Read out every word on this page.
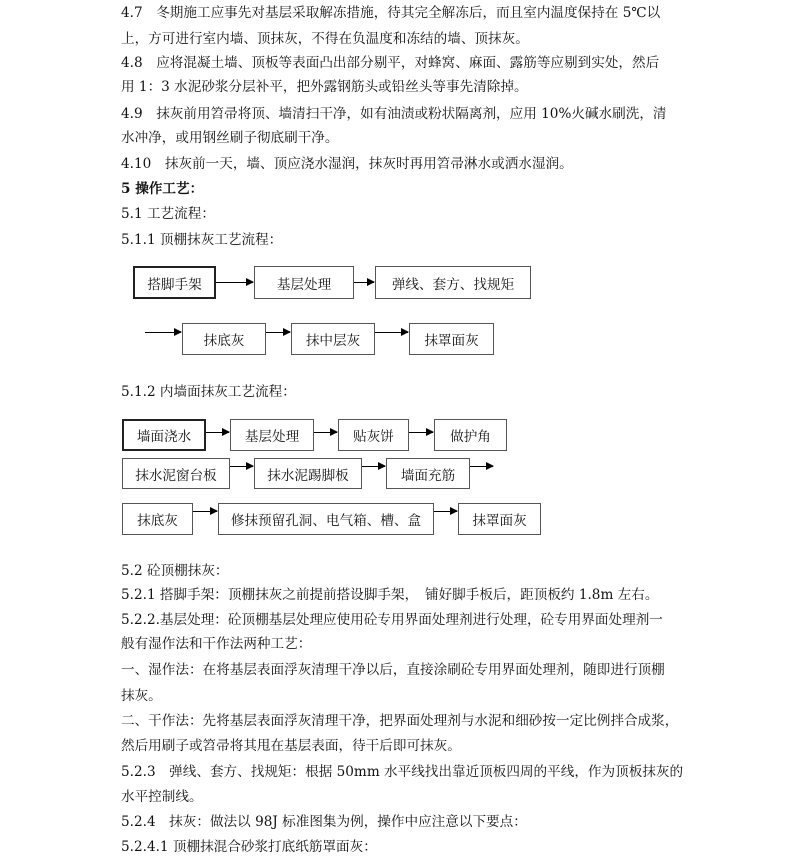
4.7　冬期施工应事先对基层采取解冻措施，待其完全解冻后，而且室内温度保持在 5℃以
上，方可进行室内墙、顶抹灰，不得在负温度和冻结的墙、顶抹灰。
4.8　应将混凝土墙、顶板等表面凸出部分剔平，对蜂窝、麻面、露筋等应剔到实处，然后
用 1：3 水泥砂浆分层补平，把外露钢筋头或铅丝头等事先清除掉。
4.9　抹灰前用笤帚将顶、墙清扫干净，如有油渍或粉状隔离剂，应用 10%火碱水刷洗，清
水冲净，或用钢丝刷子彻底刷干净。
4.10　抹灰前一天，墙、顶应浇水湿润，抹灰时再用笤帚淋水或洒水湿润。
5 操作工艺：
5.1 工艺流程：
5.1.1 顶棚抹灰工艺流程：
搭脚手架	基层处理	弹线、套方、找规矩
抹底灰	抹中层灰	抹罩面灰
5.1.2 内墙面抹灰工艺流程：
墙面浇水	基层处理	贴灰饼	做护角
抹水泥窗台板	抹水泥踢脚板	墙面充筋
抹底灰	修抹预留孔洞、电气箱、槽、盒	抹罩面灰
5.2 砼顶棚抹灰：
5.2.1 搭脚手架：顶棚抹灰之前提前搭设脚手架，　铺好脚手板后，距顶板约 1.8m 左右。
5.2.2.基层处理：砼顶棚基层处理应使用砼专用界面处理剂进行处理，砼专用界面处理剂一
般有湿作法和干作法两种工艺：
一、湿作法：在将基层表面浮灰清理干净以后，直接涂刷砼专用界面处理剂，随即进行顶棚
抹灰。
二、干作法：先将基层表面浮灰清理干净，把界面处理剂与水泥和细砂按一定比例拌合成浆，
然后用刷子或笤帚将其甩在基层表面，待干后即可抹灰。
5.2.3　弹线、套方、找规矩：根据 50mm 水平线找出靠近顶板四周的平线，作为顶板抹灰的
水平控制线。
5.2.4　抹灰：做法以 98J 标准图集为例，操作中应注意以下要点：
5.2.4.1 顶棚抹混合砂浆打底纸筋罩面灰：
